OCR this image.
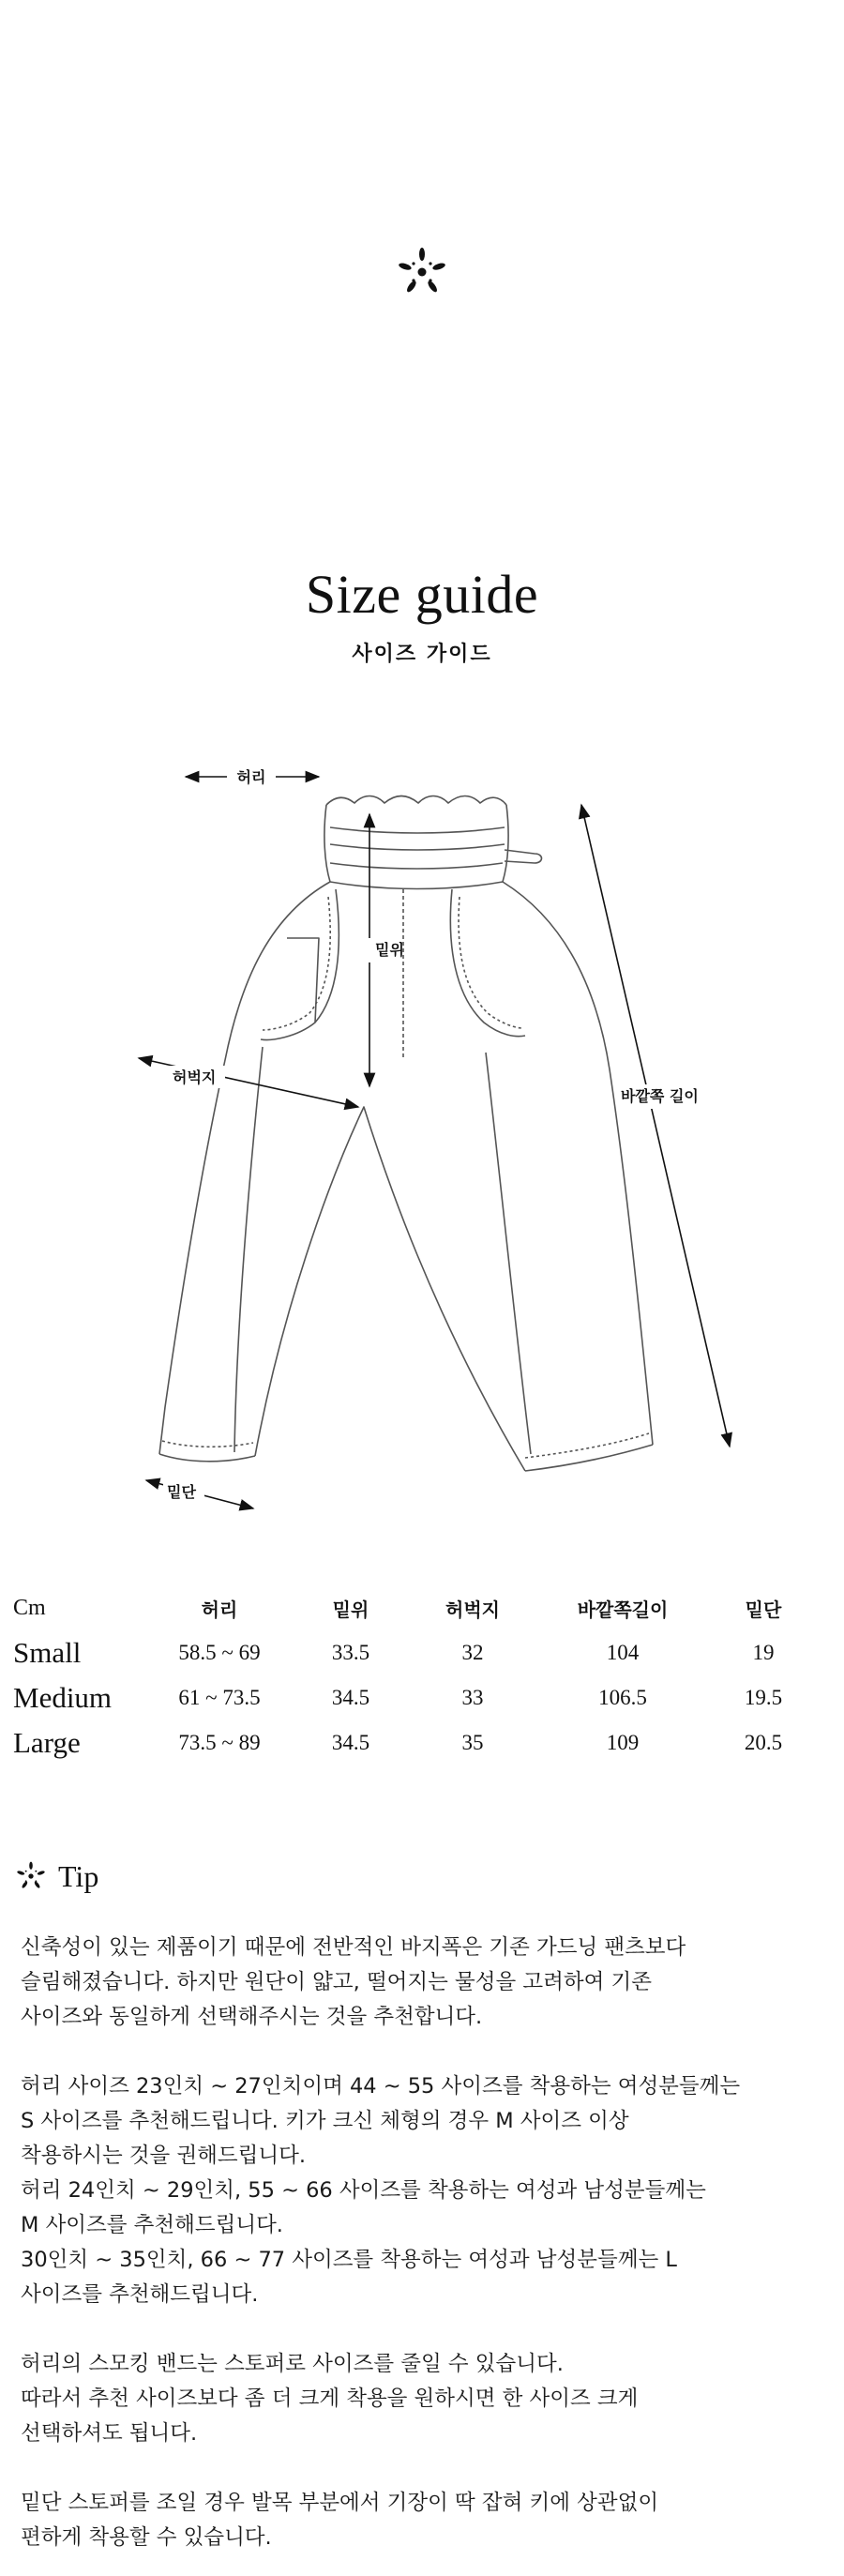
Size guide
사이즈 가이드
허리
밑위
허벅지
바깥쪽 길이
밑단
Cm	허리	밑위	허벅지	바깥쪽길이	밑단
Small	58.5 ~ 69	33.5	32	104	19
Medium	61 ~ 73.5	34.5	33	106.5	19.5
Large	73.5 ~ 89	34.5	35	109	20.5
Tip

신축성이 있는 제품이기 때문에 전반적인 바지폭은 기존 가드닝 팬츠보다
슬림해졌습니다. 하지만 원단이 얇고, 떨어지는 물성을 고려하여 기존
사이즈와 동일하게 선택해주시는 것을 추천합니다.

허리 사이즈 23인치 ~ 27인치이며 44 ~ 55 사이즈를 착용하는 여성분들께는
S 사이즈를 추천해드립니다. 키가 크신 체형의 경우 M 사이즈 이상
착용하시는 것을 권해드립니다.
허리 24인치 ~ 29인치, 55 ~ 66 사이즈를 착용하는 여성과 남성분들께는
M 사이즈를 추천해드립니다.
30인치 ~ 35인치, 66 ~ 77 사이즈를 착용하는 여성과 남성분들께는 L
사이즈를 추천해드립니다.

허리의 스모킹 밴드는 스토퍼로 사이즈를 줄일 수 있습니다.
따라서 추천 사이즈보다 좀 더 크게 착용을 원하시면 한 사이즈 크게
선택하셔도 됩니다.

밑단 스토퍼를 조일 경우 발목 부분에서 기장이 딱 잡혀 키에 상관없이
편하게 착용할 수 있습니다.
